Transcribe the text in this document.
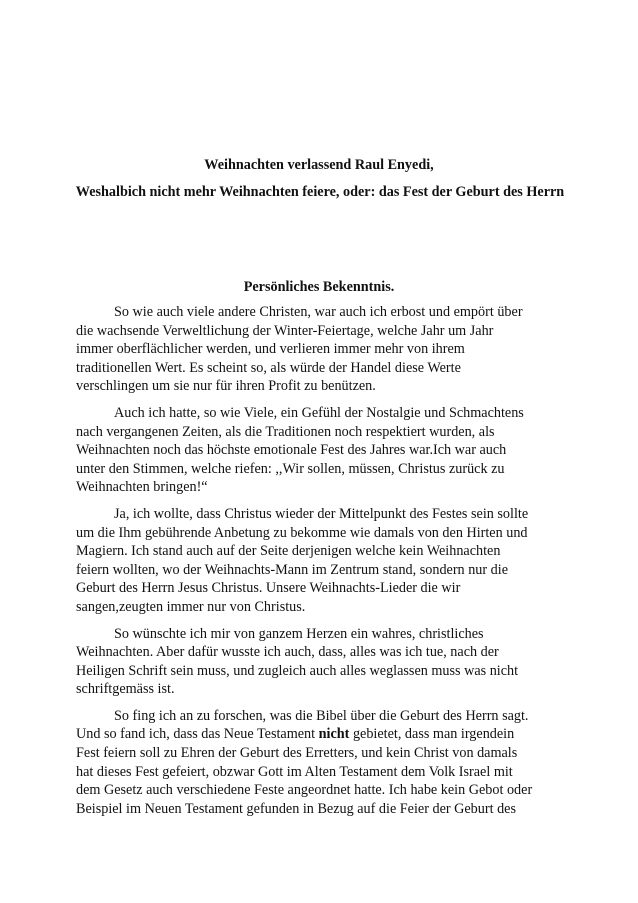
Weihnachten verlassend Raul Enyedi,
Weshalbich nicht mehr Weihnachten feiere, oder: das Fest der Geburt des Herrn
Persönliches Bekenntnis.
So wie auch viele andere Christen, war auch ich erbost und empört über
die wachsende Verweltlichung der Winter-Feiertage, welche Jahr um Jahr
immer oberflächlicher werden, und verlieren immer mehr von ihrem
traditionellen Wert. Es scheint so, als würde der Handel diese Werte
verschlingen um sie nur für ihren Profit zu benützen.
Auch ich hatte, so wie Viele, ein Gefühl der Nostalgie und Schmachtens
nach vergangenen Zeiten, als die Traditionen noch respektiert wurden, als
Weihnachten noch das höchste emotionale Fest des Jahres war.Ich war auch
unter den Stimmen, welche riefen: ,,Wir sollen, müssen, Christus zurück zu
Weihnachten bringen!“
Ja, ich wollte, dass Christus wieder der Mittelpunkt des Festes sein sollte
um die Ihm gebührende Anbetung zu bekomme wie damals von den Hirten und
Magiern. Ich stand auch auf der Seite derjenigen welche kein Weihnachten
feiern wollten, wo der Weihnachts-Mann im Zentrum stand, sondern nur die
Geburt des Herrn Jesus Christus. Unsere Weihnachts-Lieder die wir
sangen,zeugten immer nur von Christus.
So wünschte ich mir von ganzem Herzen ein wahres, christliches
Weihnachten. Aber dafür wusste ich auch, dass, alles was ich tue, nach der
Heiligen Schrift sein muss, und zugleich auch alles weglassen muss was nicht
schriftgemäss ist.
So fing ich an zu forschen, was die Bibel über die Geburt des Herrn sagt.
Und so fand ich, dass das Neue Testament nicht gebietet, dass man irgendein
Fest feiern soll zu Ehren der Geburt des Erretters, und kein Christ von damals
hat dieses Fest gefeiert, obzwar Gott im Alten Testament dem Volk Israel mit
dem Gesetz auch verschiedene Feste angeordnet hatte. Ich habe kein Gebot oder
Beispiel im Neuen Testament gefunden in Bezug auf die Feier der Geburt des
